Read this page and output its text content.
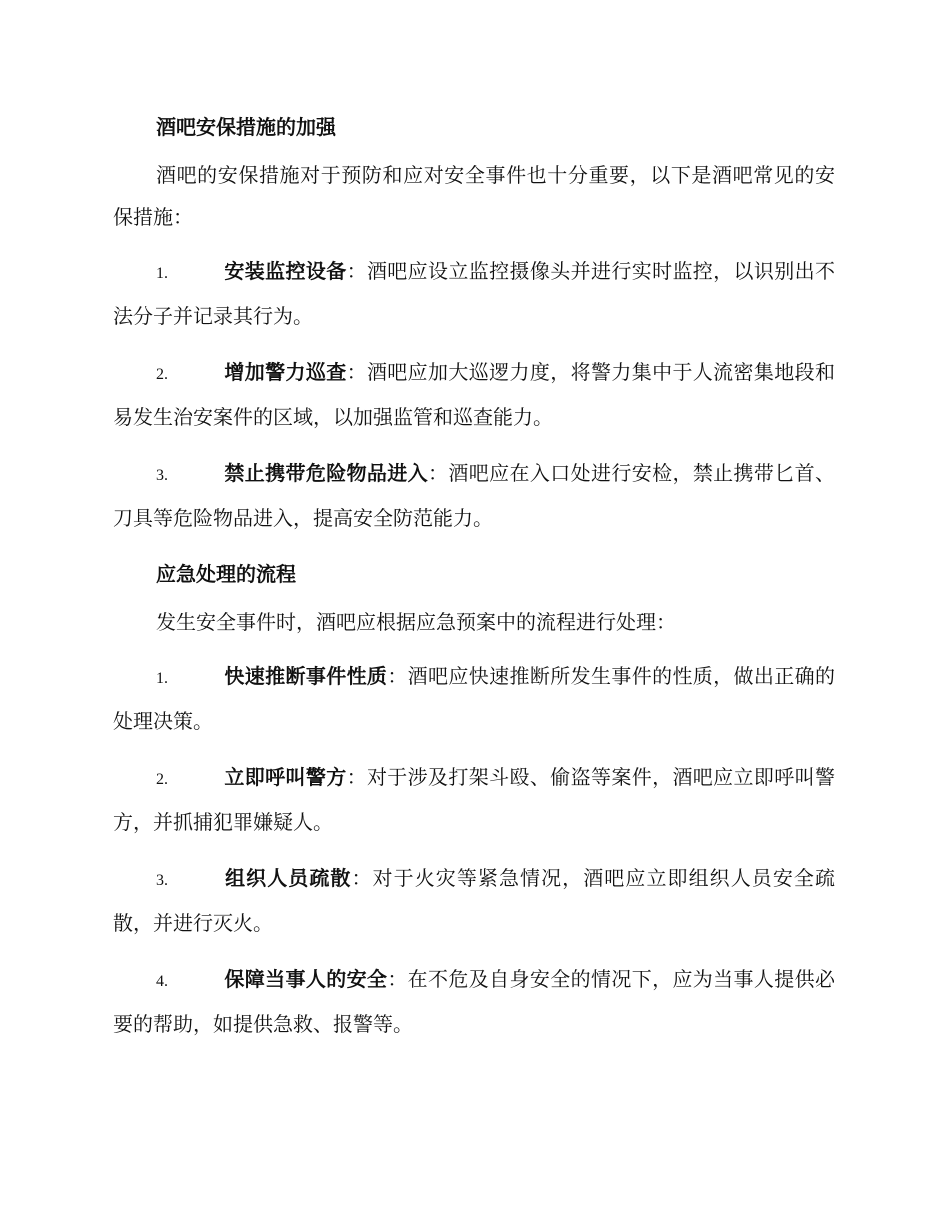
酒吧安保措施的加强

酒吧的安保措施对于预防和应对安全事件也十分重要，以下是酒吧常见的安保措施：

1.	安装监控设备：酒吧应设立监控摄像头并进行实时监控，以识别出不法分子并记录其行为。

2.	增加警力巡查：酒吧应加大巡逻力度，将警力集中于人流密集地段和易发生治安案件的区域，以加强监管和巡查能力。

3.	禁止携带危险物品进入：酒吧应在入口处进行安检，禁止携带匕首、刀具等危险物品进入，提高安全防范能力。

应急处理的流程

发生安全事件时，酒吧应根据应急预案中的流程进行处理：

1.	快速推断事件性质：酒吧应快速推断所发生事件的性质，做出正确的处理决策。

2.	立即呼叫警方：对于涉及打架斗殴、偷盗等案件，酒吧应立即呼叫警方，并抓捕犯罪嫌疑人。

3.	组织人员疏散：对于火灾等紧急情况，酒吧应立即组织人员安全疏散，并进行灭火。

4.	保障当事人的安全：在不危及自身安全的情况下，应为当事人提供必要的帮助，如提供急救、报警等。
